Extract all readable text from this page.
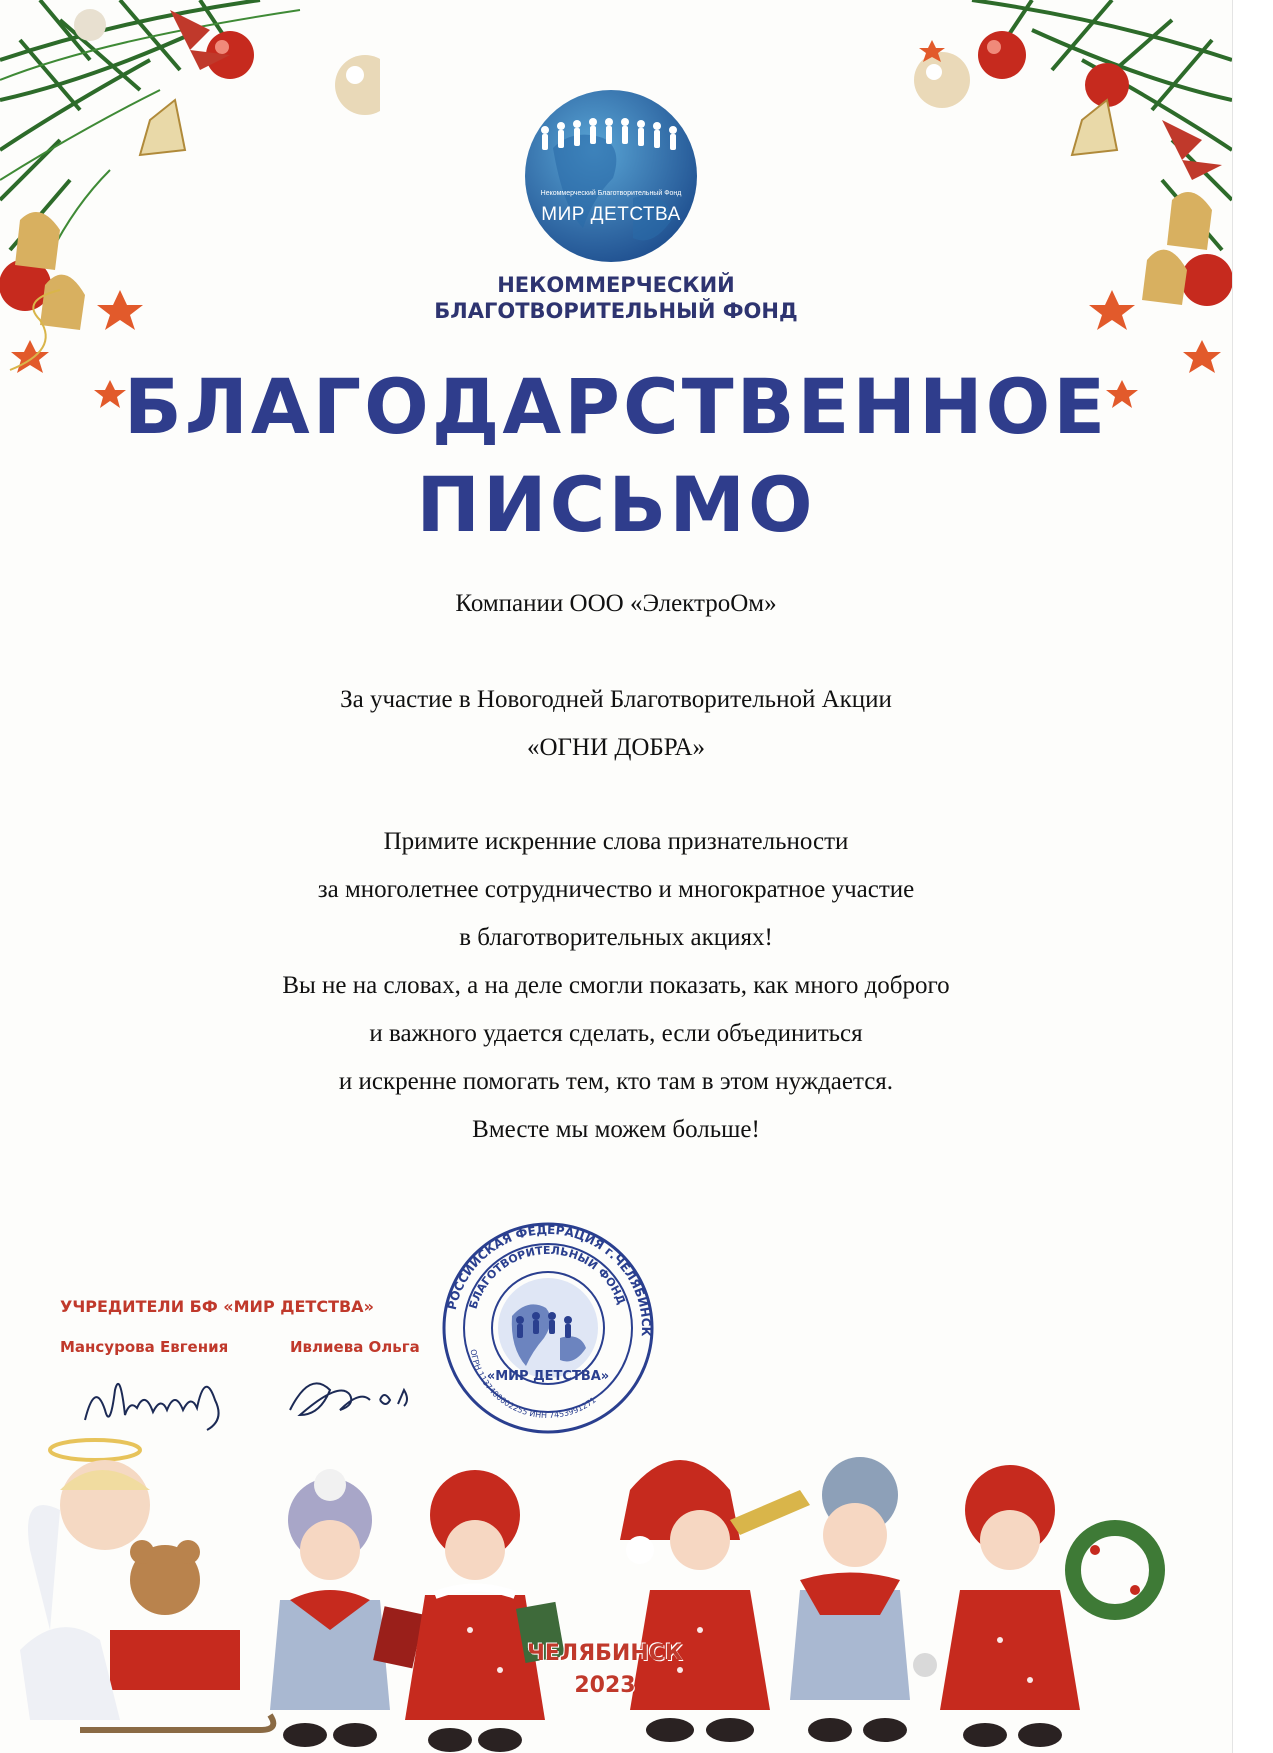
Некоммерческий Благотворительный Фонд
МИР ДЕТСТВА
НЕКОММЕРЧЕСКИЙ
БЛАГОТВОРИТЕЛЬНЫЙ ФОНД
БЛАГОДАРСТВЕННОЕ
ПИСЬМО
Компании ООО «ЭлектроОм»
За участие в Новогодней Благотворительной Акции
«ОГНИ ДОБРА»
Примите искренние слова признательности
за многолетнее сотрудничество и многократное участие
в благотворительных акциях!
Вы не на словах, а на деле смогли показать, как много доброго
и важного удается сделать, если объединиться
и искренне помогать тем, кто там в этом нуждается.
Вместе мы можем больше!
РОССИЙСКАЯ ФЕДЕРАЦИЯ г.ЧЕЛЯБИНСК
БЛАГОТВОРИТЕЛЬНЫЙ ФОНД
ОГРН 1137400002255 ИНН 7453991271
«МИР ДЕТСТВА»
УЧРЕДИТЕЛИ БФ «МИР ДЕТСТВА»
Мансурова Евгения	Ивлиева Ольга
ЧЕЛЯБИНСК
2023
